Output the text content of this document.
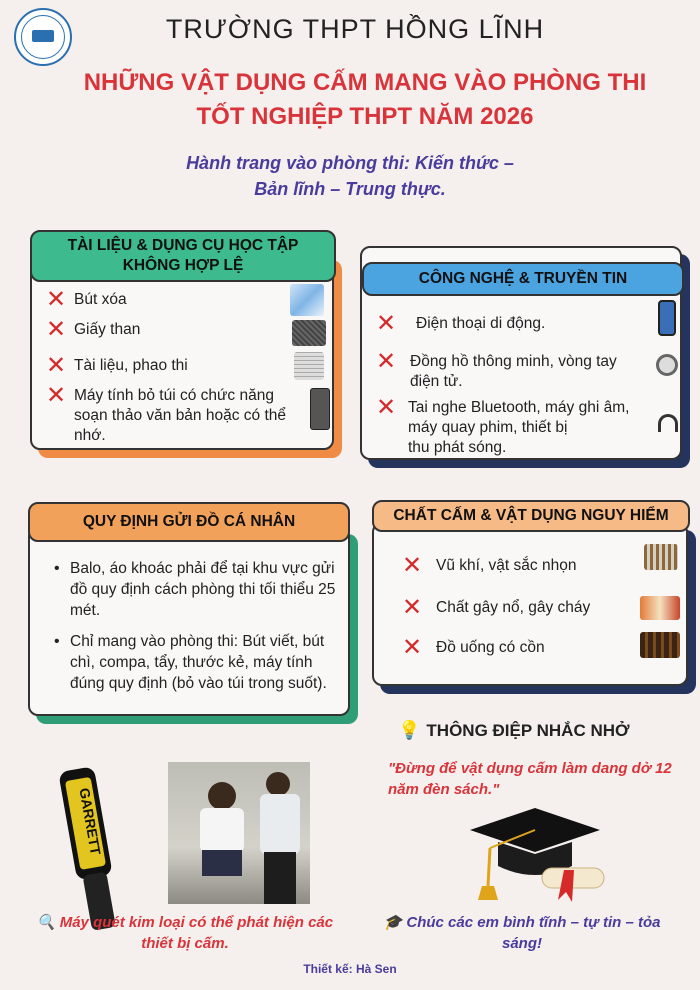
TRƯỜNG THPT HỒNG LĨNH
NHỮNG VẬT DỤNG CẤM MANG VÀO PHÒNG THI
TỐT NGHIỆP THPT NĂM 2026
Hành trang vào phòng thi: Kiến thức –
Bản lĩnh – Trung thực.
TÀI LIỆU & DỤNG CỤ HỌC TẬP
KHÔNG HỢP LỆ
✕ Bút xóa
✕ Giấy than
✕ Tài liệu, phao thi
✕ Máy tính bỏ túi có chức năng
soạn thảo văn bản hoặc có thể
nhớ.
CÔNG NGHỆ & TRUYỀN TIN
✕	Điện thoại di động.
✕ Đồng hồ thông minh, vòng tay
điện tử.
✕ Tai nghe Bluetooth, máy ghi âm,
máy quay phim, thiết bị
thu phát sóng.
QUY ĐỊNH GỬI ĐỒ CÁ NHÂN
• Balo, áo khoác phải để tại khu vực gửi đồ quy định cách phòng thi tối thiểu 25 mét.
• Chỉ mang vào phòng thi: Bút viết, bút chì, compa, tẩy, thước kẻ, máy tính đúng quy định (bỏ vào túi trong suốt).
CHẤT CẤM & VẬT DỤNG NGUY HIỂM
✕ Vũ khí, vật sắc nhọn
✕ Chất gây nổ, gây cháy
✕ Đồ uống có cồn
💡 THÔNG ĐIỆP NHẮC NHỞ
"Đừng để vật dụng cấm làm dang dở 12 năm đèn sách."
GARRETT
🔍 Máy quét kim loại có thể phát hiện các thiết bị cấm.
🎓 Chúc các em bình tĩnh – tự tin – tỏa sáng!
Thiết kế: Hà Sen
